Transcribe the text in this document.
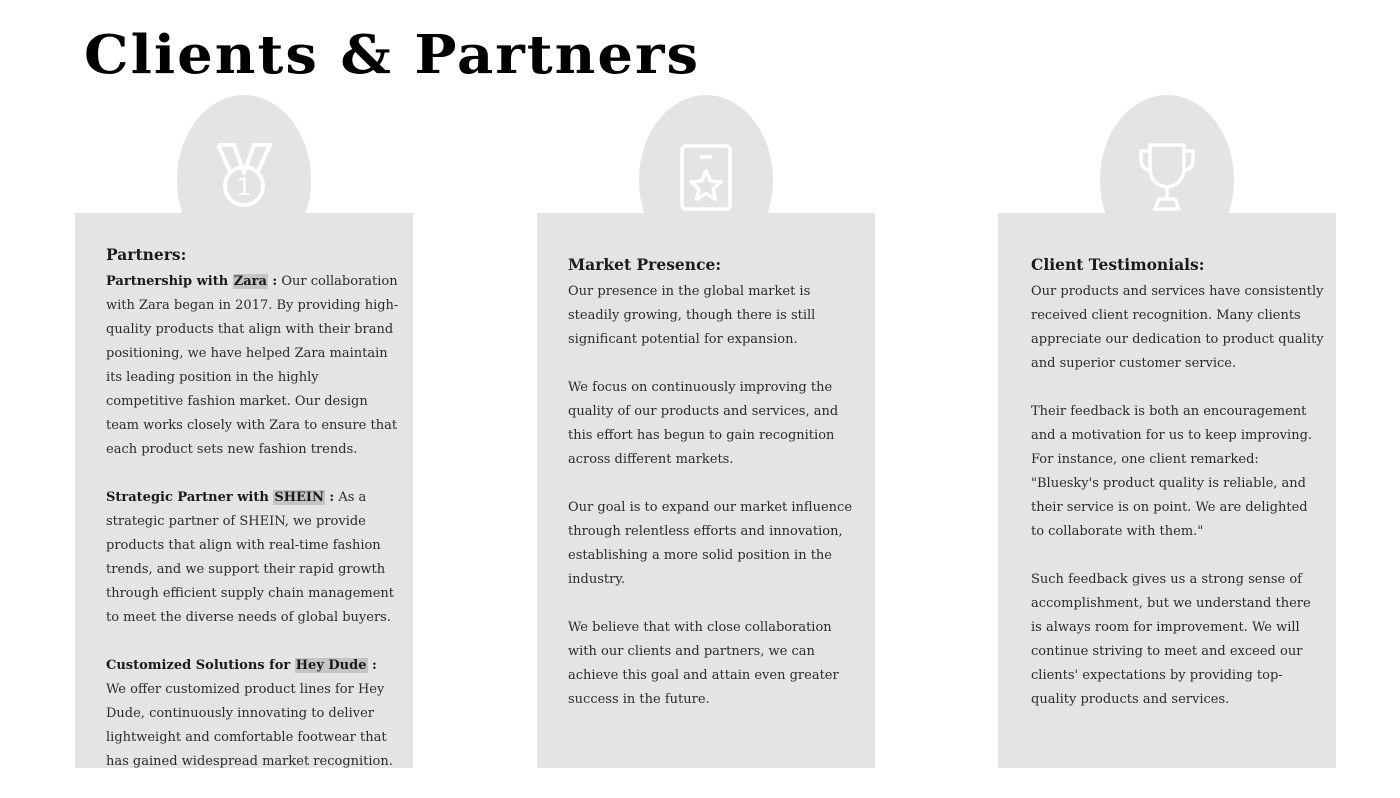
Clients & Partners
1
Partners:

Partnership with Zara : Our collaboration with Zara began in 2017. By providing high-quality products that align with their brand positioning, we have helped Zara maintain its leading position in the highly competitive fashion market. Our design team works closely with Zara to ensure that each product sets new fashion trends.

Strategic Partner with SHEIN : As a strategic partner of SHEIN, we provide products that align with real-time fashion trends, and we support their rapid growth through efficient supply chain management to meet the diverse needs of global buyers.

Customized Solutions for Hey Dude : We offer customized product lines for Hey Dude, continuously innovating to deliver lightweight and comfortable footwear that has gained widespread market recognition.

Market Presence:

Our presence in the global market is steadily growing, though there is still significant potential for expansion.

We focus on continuously improving the quality of our products and services, and this effort has begun to gain recognition across different markets.

Our goal is to expand our market influence through relentless efforts and innovation, establishing a more solid position in the industry.

We believe that with close collaboration with our clients and partners, we can achieve this goal and attain even greater success in the future.

Client Testimonials:

Our products and services have consistently received client recognition. Many clients appreciate our dedication to product quality and superior customer service.

Their feedback is both an encouragement and a motivation for us to keep improving. For instance, one client remarked: "Bluesky's product quality is reliable, and their service is on point. We are delighted to collaborate with them."

Such feedback gives us a strong sense of accomplishment, but we understand there is always room for improvement. We will continue striving to meet and exceed our clients' expectations by providing top-quality products and services.
